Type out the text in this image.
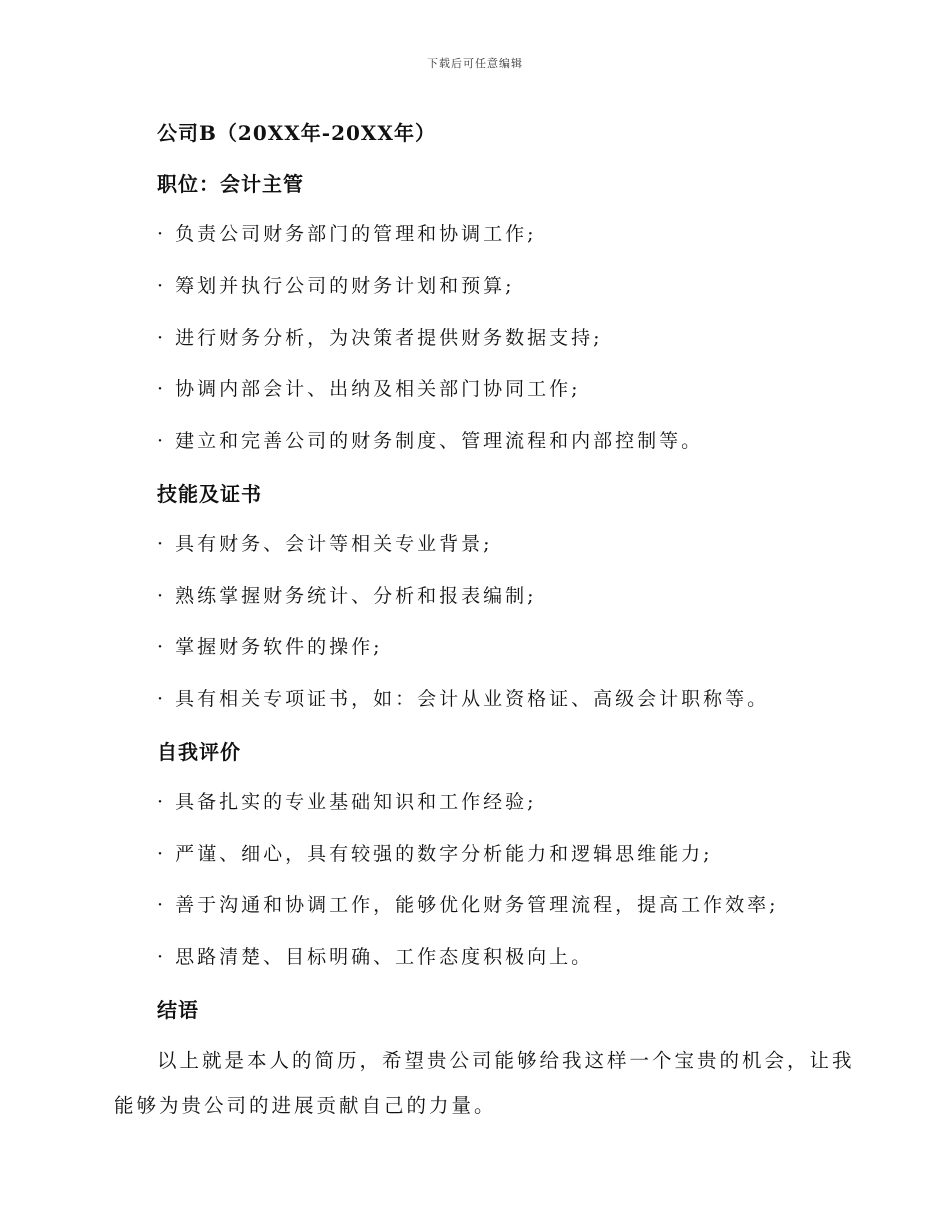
下载后可任意编辑
公司B（20XX年-20XX年）
职位：会计主管
· 负责公司财务部门的管理和协调工作;
· 筹划并执行公司的财务计划和预算;
· 进行财务分析，为决策者提供财务数据支持;
· 协调内部会计、出纳及相关部门协同工作;
· 建立和完善公司的财务制度、管理流程和内部控制等。
技能及证书
· 具有财务、会计等相关专业背景;
· 熟练掌握财务统计、分析和报表编制;
· 掌握财务软件的操作;
· 具有相关专项证书，如：会计从业资格证、高级会计职称等。
自我评价
· 具备扎实的专业基础知识和工作经验;
· 严谨、细心，具有较强的数字分析能力和逻辑思维能力;
· 善于沟通和协调工作，能够优化财务管理流程，提高工作效率;
· 思路清楚、目标明确、工作态度积极向上。
结语
以上就是本人的简历，希望贵公司能够给我这样一个宝贵的机会，让我
能够为贵公司的进展贡献自己的力量。
